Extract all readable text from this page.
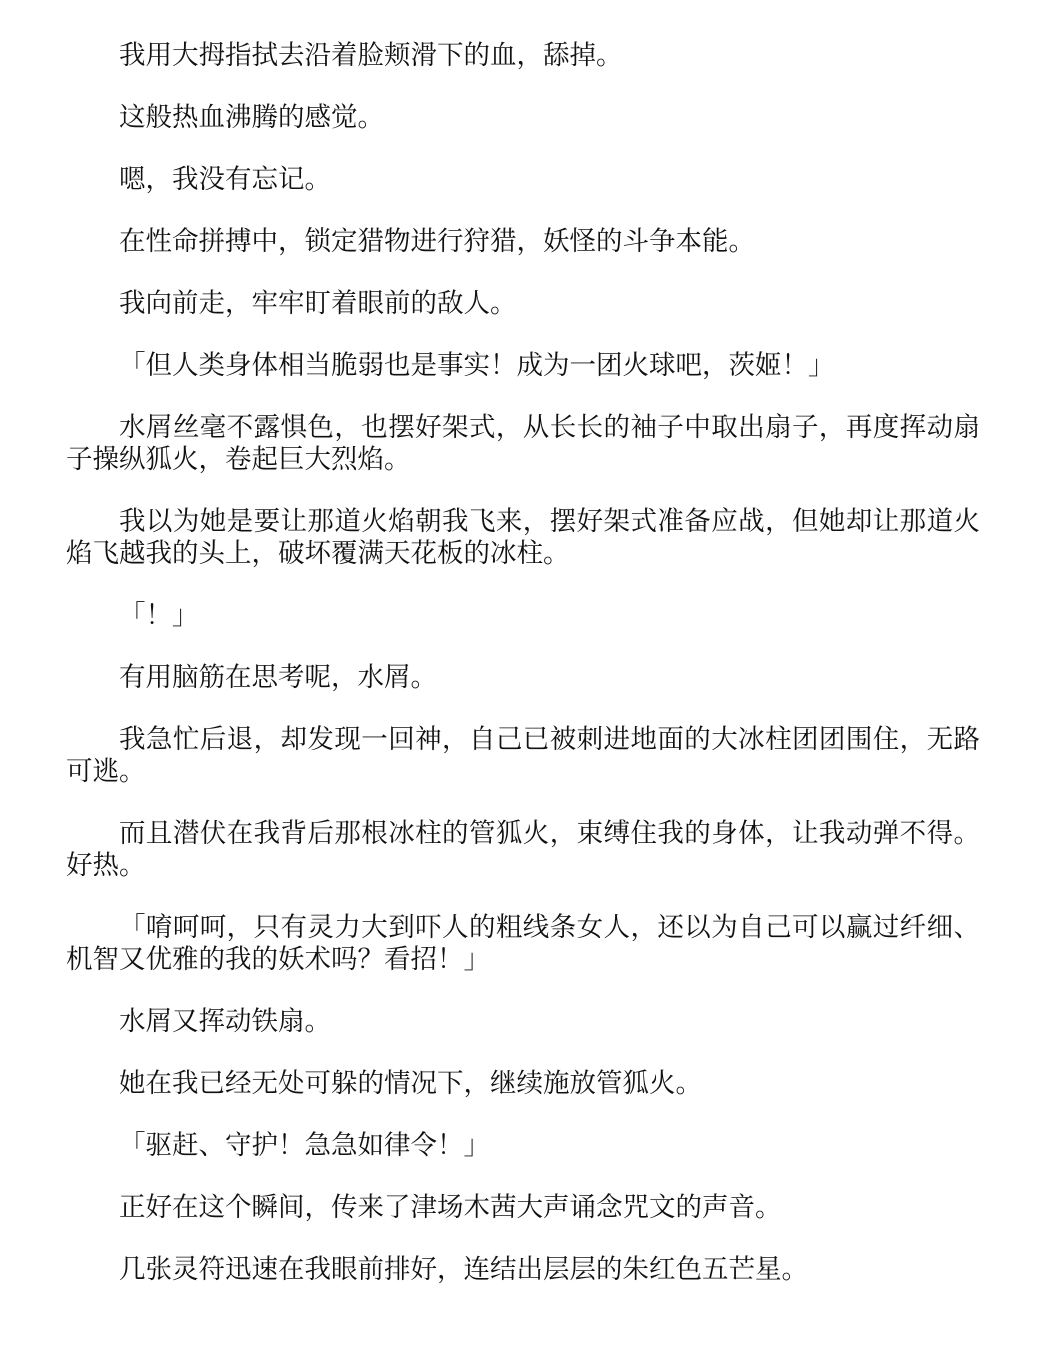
我用大拇指拭去沿着脸颊滑下的血，舔掉。

这般热血沸腾的感觉。

嗯，我没有忘记。

在性命拼搏中，锁定猎物进行狩猎，妖怪的斗争本能。

我向前走，牢牢盯着眼前的敌人。

「但人类身体相当脆弱也是事实！成为一团火球吧，茨姬！」

水屑丝毫不露惧色，也摆好架式，从长长的袖子中取出扇子，再度挥动扇子操纵狐火，卷起巨大烈焰。

我以为她是要让那道火焰朝我飞来，摆好架式准备应战，但她却让那道火焰飞越我的头上，破坏覆满天花板的冰柱。

「！」

有用脑筋在思考呢，水屑。

我急忙后退，却发现一回神，自己已被刺进地面的大冰柱团团围住，无路可逃。

而且潜伏在我背后那根冰柱的管狐火，束缚住我的身体，让我动弹不得。好热。

「唷呵呵，只有灵力大到吓人的粗线条女人，还以为自己可以赢过纤细、机智又优雅的我的妖术吗？看招！」

水屑又挥动铁扇。

她在我已经无处可躲的情况下，继续施放管狐火。

「驱赶、守护！急急如律令！」

正好在这个瞬间，传来了津场木茜大声诵念咒文的声音。

几张灵符迅速在我眼前排好，连结出层层的朱红色五芒星。
